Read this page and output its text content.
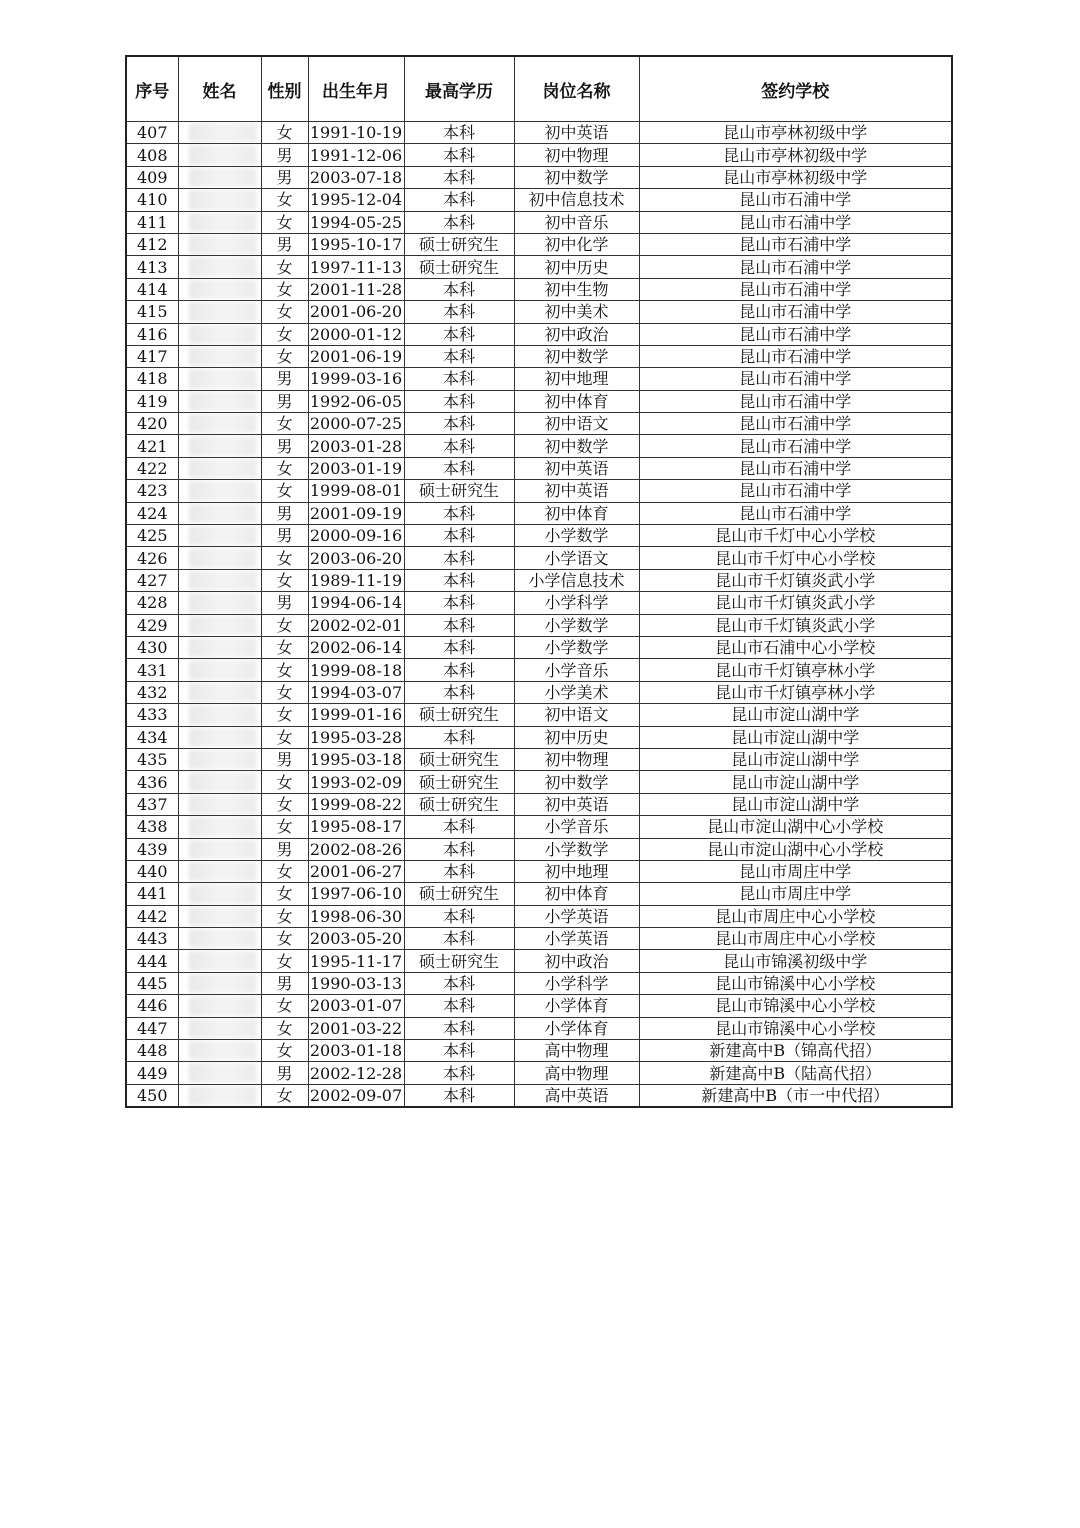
序号	姓名	性别	出生年月	最高学历	岗位名称	签约学校
407		女	1991-10-19	本科	初中英语	昆山市亭林初级中学
408		男	1991-12-06	本科	初中物理	昆山市亭林初级中学
409		男	2003-07-18	本科	初中数学	昆山市亭林初级中学
410		女	1995-12-04	本科	初中信息技术	昆山市石浦中学
411		女	1994-05-25	本科	初中音乐	昆山市石浦中学
412		男	1995-10-17	硕士研究生	初中化学	昆山市石浦中学
413		女	1997-11-13	硕士研究生	初中历史	昆山市石浦中学
414		女	2001-11-28	本科	初中生物	昆山市石浦中学
415		女	2001-06-20	本科	初中美术	昆山市石浦中学
416		女	2000-01-12	本科	初中政治	昆山市石浦中学
417		女	2001-06-19	本科	初中数学	昆山市石浦中学
418		男	1999-03-16	本科	初中地理	昆山市石浦中学
419		男	1992-06-05	本科	初中体育	昆山市石浦中学
420		女	2000-07-25	本科	初中语文	昆山市石浦中学
421		男	2003-01-28	本科	初中数学	昆山市石浦中学
422		女	2003-01-19	本科	初中英语	昆山市石浦中学
423		女	1999-08-01	硕士研究生	初中英语	昆山市石浦中学
424		男	2001-09-19	本科	初中体育	昆山市石浦中学
425		男	2000-09-16	本科	小学数学	昆山市千灯中心小学校
426		女	2003-06-20	本科	小学语文	昆山市千灯中心小学校
427		女	1989-11-19	本科	小学信息技术	昆山市千灯镇炎武小学
428		男	1994-06-14	本科	小学科学	昆山市千灯镇炎武小学
429		女	2002-02-01	本科	小学数学	昆山市千灯镇炎武小学
430		女	2002-06-14	本科	小学数学	昆山市石浦中心小学校
431		女	1999-08-18	本科	小学音乐	昆山市千灯镇亭林小学
432		女	1994-03-07	本科	小学美术	昆山市千灯镇亭林小学
433		女	1999-01-16	硕士研究生	初中语文	昆山市淀山湖中学
434		女	1995-03-28	本科	初中历史	昆山市淀山湖中学
435		男	1995-03-18	硕士研究生	初中物理	昆山市淀山湖中学
436		女	1993-02-09	硕士研究生	初中数学	昆山市淀山湖中学
437		女	1999-08-22	硕士研究生	初中英语	昆山市淀山湖中学
438		女	1995-08-17	本科	小学音乐	昆山市淀山湖中心小学校
439		男	2002-08-26	本科	小学数学	昆山市淀山湖中心小学校
440		女	2001-06-27	本科	初中地理	昆山市周庄中学
441		女	1997-06-10	硕士研究生	初中体育	昆山市周庄中学
442		女	1998-06-30	本科	小学英语	昆山市周庄中心小学校
443		女	2003-05-20	本科	小学英语	昆山市周庄中心小学校
444		女	1995-11-17	硕士研究生	初中政治	昆山市锦溪初级中学
445		男	1990-03-13	本科	小学科学	昆山市锦溪中心小学校
446		女	2003-01-07	本科	小学体育	昆山市锦溪中心小学校
447		女	2001-03-22	本科	小学体育	昆山市锦溪中心小学校
448		女	2003-01-18	本科	高中物理	新建高中B（锦高代招）
449		男	2002-12-28	本科	高中物理	新建高中B（陆高代招）
450		女	2002-09-07	本科	高中英语	新建高中B（市一中代招）
